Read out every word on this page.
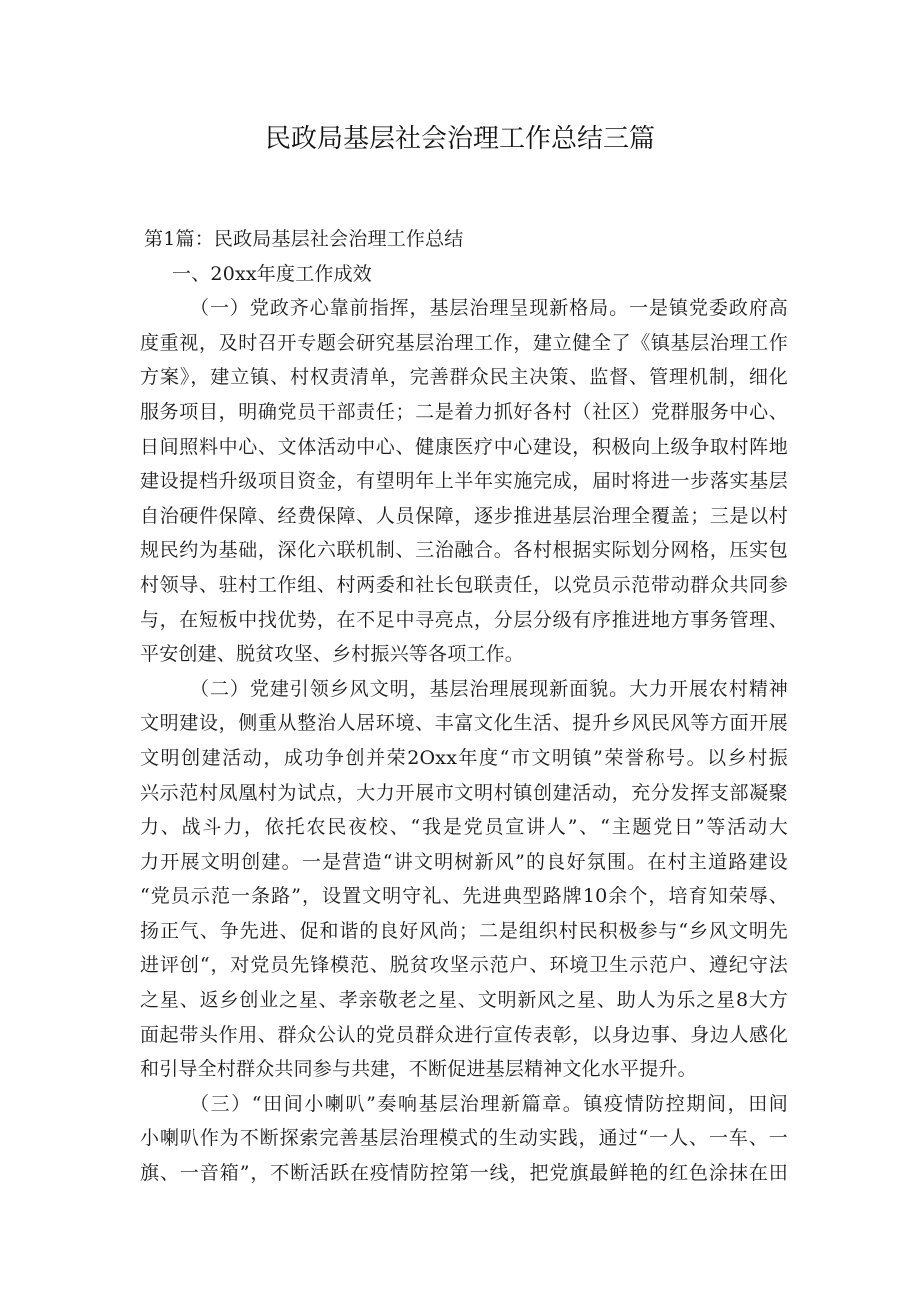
民政局基层社会治理工作总结三篇

第1篇：民政局基层社会治理工作总结

一、20xx年度工作成效

（一）党政齐心靠前指挥，基层治理呈现新格局。一是镇党委政府高

度重视，及时召开专题会研究基层治理工作，建立健全了《镇基层治理工作

方案》，建立镇、村权责清单，完善群众民主决策、监督、管理机制，细化

服务项目，明确党员干部责任；二是着力抓好各村（社区）党群服务中心、

日间照料中心、文体活动中心、健康医疗中心建设，积极向上级争取村阵地

建设提档升级项目资金，有望明年上半年实施完成，届时将进一步落实基层

自治硬件保障、经费保障、人员保障，逐步推进基层治理全覆盖；三是以村

规民约为基础，深化六联机制、三治融合。各村根据实际划分网格，压实包

村领导、驻村工作组、村两委和社长包联责任，以党员示范带动群众共同参

与，在短板中找优势，在不足中寻亮点，分层分级有序推进地方事务管理、

平安创建、脱贫攻坚、乡村振兴等各项工作。

（二）党建引领乡风文明，基层治理展现新面貌。大力开展农村精神

文明建设，侧重从整治人居环境、丰富文化生活、提升乡风民风等方面开展

文明创建活动，成功争创并荣2Oxx年度“市文明镇”荣誉称号。以乡村振

兴示范村凤凰村为试点，大力开展市文明村镇创建活动，充分发挥支部凝聚

力、战斗力，依托农民夜校、“我是党员宣讲人”、“主题党日”等活动大

力开展文明创建。一是营造“讲文明树新风”的良好氛围。在村主道路建设

“党员示范一条路”，设置文明守礼、先进典型路牌10余个，培育知荣辱、

扬正气、争先进、促和谐的良好风尚；二是组织村民积极参与“乡风文明先

进评创“，对党员先锋模范、脱贫攻坚示范户、环境卫生示范户、遵纪守法

之星、返乡创业之星、孝亲敬老之星、文明新风之星、助人为乐之星8大方

面起带头作用、群众公认的党员群众进行宣传表彰，以身边事、身边人感化

和引导全村群众共同参与共建，不断促进基层精神文化水平提升。

（三）“田间小喇叭”奏响基层治理新篇章。镇疫情防控期间，田间

小喇叭作为不断探索完善基层治理模式的生动实践，通过“一人、一车、一

旗、一音箱”，不断活跃在疫情防控第一线，把党旗最鲜艳的红色涂抹在田
